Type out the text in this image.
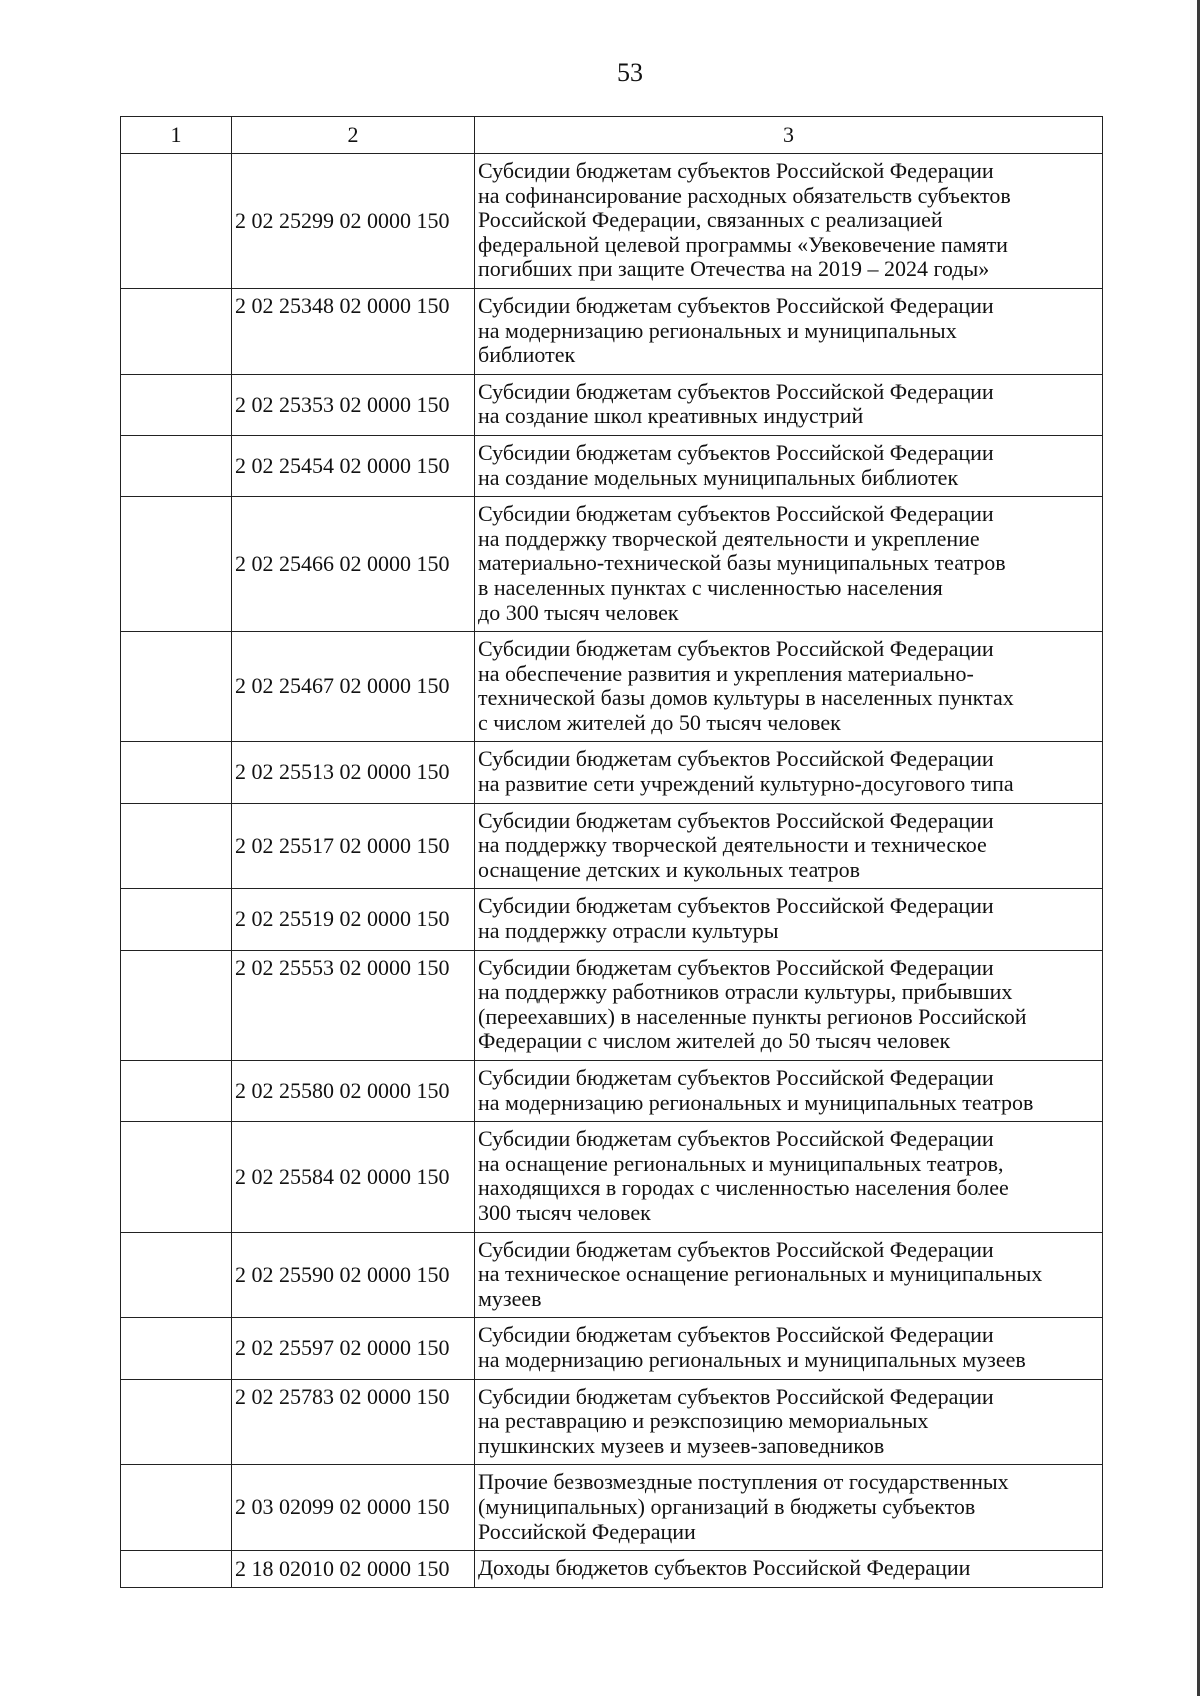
53
1	2	3
	2 02 25299 02 0000 150	Субсидии бюджетам субъектов Российской Федерации
на софинансирование расходных обязательств субъектов
Российской Федерации, связанных с реализацией
федеральной целевой программы «Увековечение памяти
погибших при защите Отечества на 2019 – 2024 годы»

	2 02 25348 02 0000 150	Субсидии бюджетам субъектов Российской Федерации
на модернизацию региональных и муниципальных
библиотек

	2 02 25353 02 0000 150	Субсидии бюджетам субъектов Российской Федерации
на создание школ креативных индустрий

	2 02 25454 02 0000 150	Субсидии бюджетам субъектов Российской Федерации
на создание модельных муниципальных библиотек

	2 02 25466 02 0000 150	Субсидии бюджетам субъектов Российской Федерации
на поддержку творческой деятельности и укрепление
материально-технической базы муниципальных театров
в населенных пунктах с численностью населения
до 300 тысяч человек

	2 02 25467 02 0000 150	Субсидии бюджетам субъектов Российской Федерации
на обеспечение развития и укрепления материально-
технической базы домов культуры в населенных пунктах
с числом жителей до 50 тысяч человек

	2 02 25513 02 0000 150	Субсидии бюджетам субъектов Российской Федерации
на развитие сети учреждений культурно-досугового типа

	2 02 25517 02 0000 150	Субсидии бюджетам субъектов Российской Федерации
на поддержку творческой деятельности и техническое
оснащение детских и кукольных театров

	2 02 25519 02 0000 150	Субсидии бюджетам субъектов Российской Федерации
на поддержку отрасли культуры

	2 02 25553 02 0000 150	Субсидии бюджетам субъектов Российской Федерации
на поддержку работников отрасли культуры, прибывших
(переехавших) в населенные пункты регионов Российской
Федерации с числом жителей до 50 тысяч человек

	2 02 25580 02 0000 150	Субсидии бюджетам субъектов Российской Федерации
на модернизацию региональных и муниципальных театров

	2 02 25584 02 0000 150	Субсидии бюджетам субъектов Российской Федерации
на оснащение региональных и муниципальных театров,
находящихся в городах с численностью населения более
300 тысяч человек

	2 02 25590 02 0000 150	Субсидии бюджетам субъектов Российской Федерации
на техническое оснащение региональных и муниципальных
музеев

	2 02 25597 02 0000 150	Субсидии бюджетам субъектов Российской Федерации
на модернизацию региональных и муниципальных музеев

	2 02 25783 02 0000 150	Субсидии бюджетам субъектов Российской Федерации
на реставрацию и реэкспозицию мемориальных
пушкинских музеев и музеев-заповедников

	2 03 02099 02 0000 150	Прочие безвозмездные поступления от государственных
(муниципальных) организаций в бюджеты субъектов
Российской Федерации

	2 18 02010 02 0000 150	Доходы бюджетов субъектов Российской Федерации
